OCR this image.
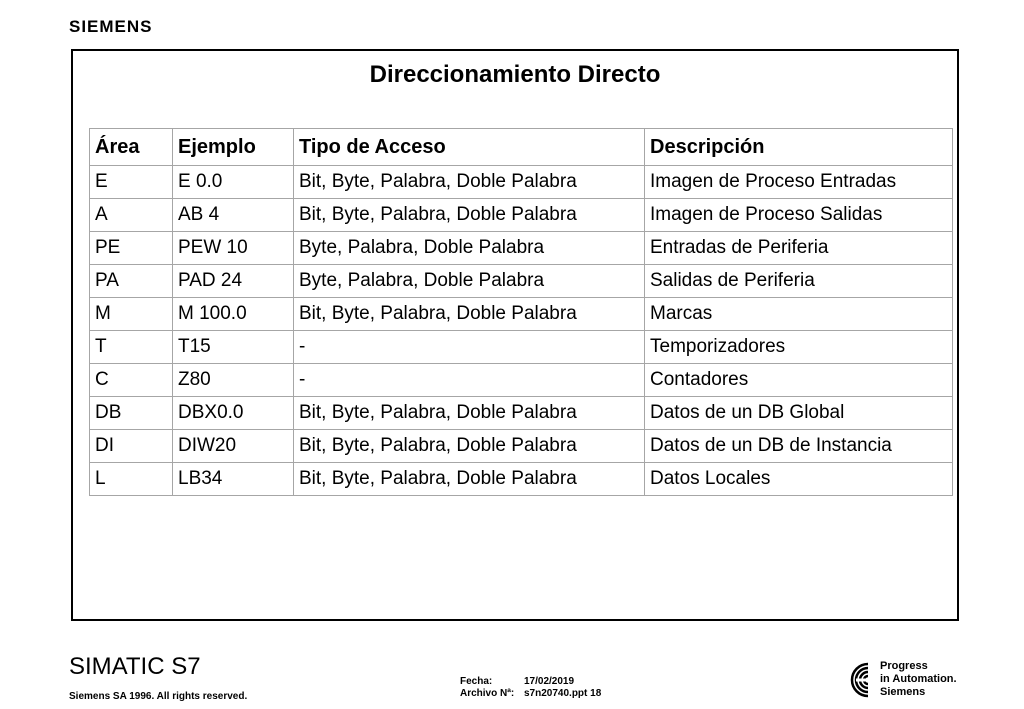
SIEMENS
Direccionamiento Directo
Área	Ejemplo	Tipo de Acceso	Descripción
E	E 0.0	Bit, Byte, Palabra, Doble Palabra	Imagen de Proceso Entradas
A	AB 4	Bit, Byte, Palabra, Doble Palabra	Imagen de Proceso Salidas
PE	PEW 10	Byte, Palabra, Doble Palabra	Entradas de Periferia
PA	PAD 24	Byte, Palabra, Doble Palabra	Salidas de Periferia
M	M 100.0	Bit, Byte, Palabra, Doble Palabra	Marcas
T	T15	-	Temporizadores
C	Z80	-	Contadores
DB	DBX0.0	Bit, Byte, Palabra, Doble Palabra	Datos de un DB Global
DI	DIW20	Bit, Byte, Palabra, Doble Palabra	Datos de un DB de Instancia
L	LB34	Bit, Byte, Palabra, Doble Palabra	Datos Locales
SIMATIC S7
Siemens SA 1996. All rights reserved.
Fecha:	17/02/2019
Archivo Nª: s7n20740.ppt 18
Progress
in Automation.
Siemens
